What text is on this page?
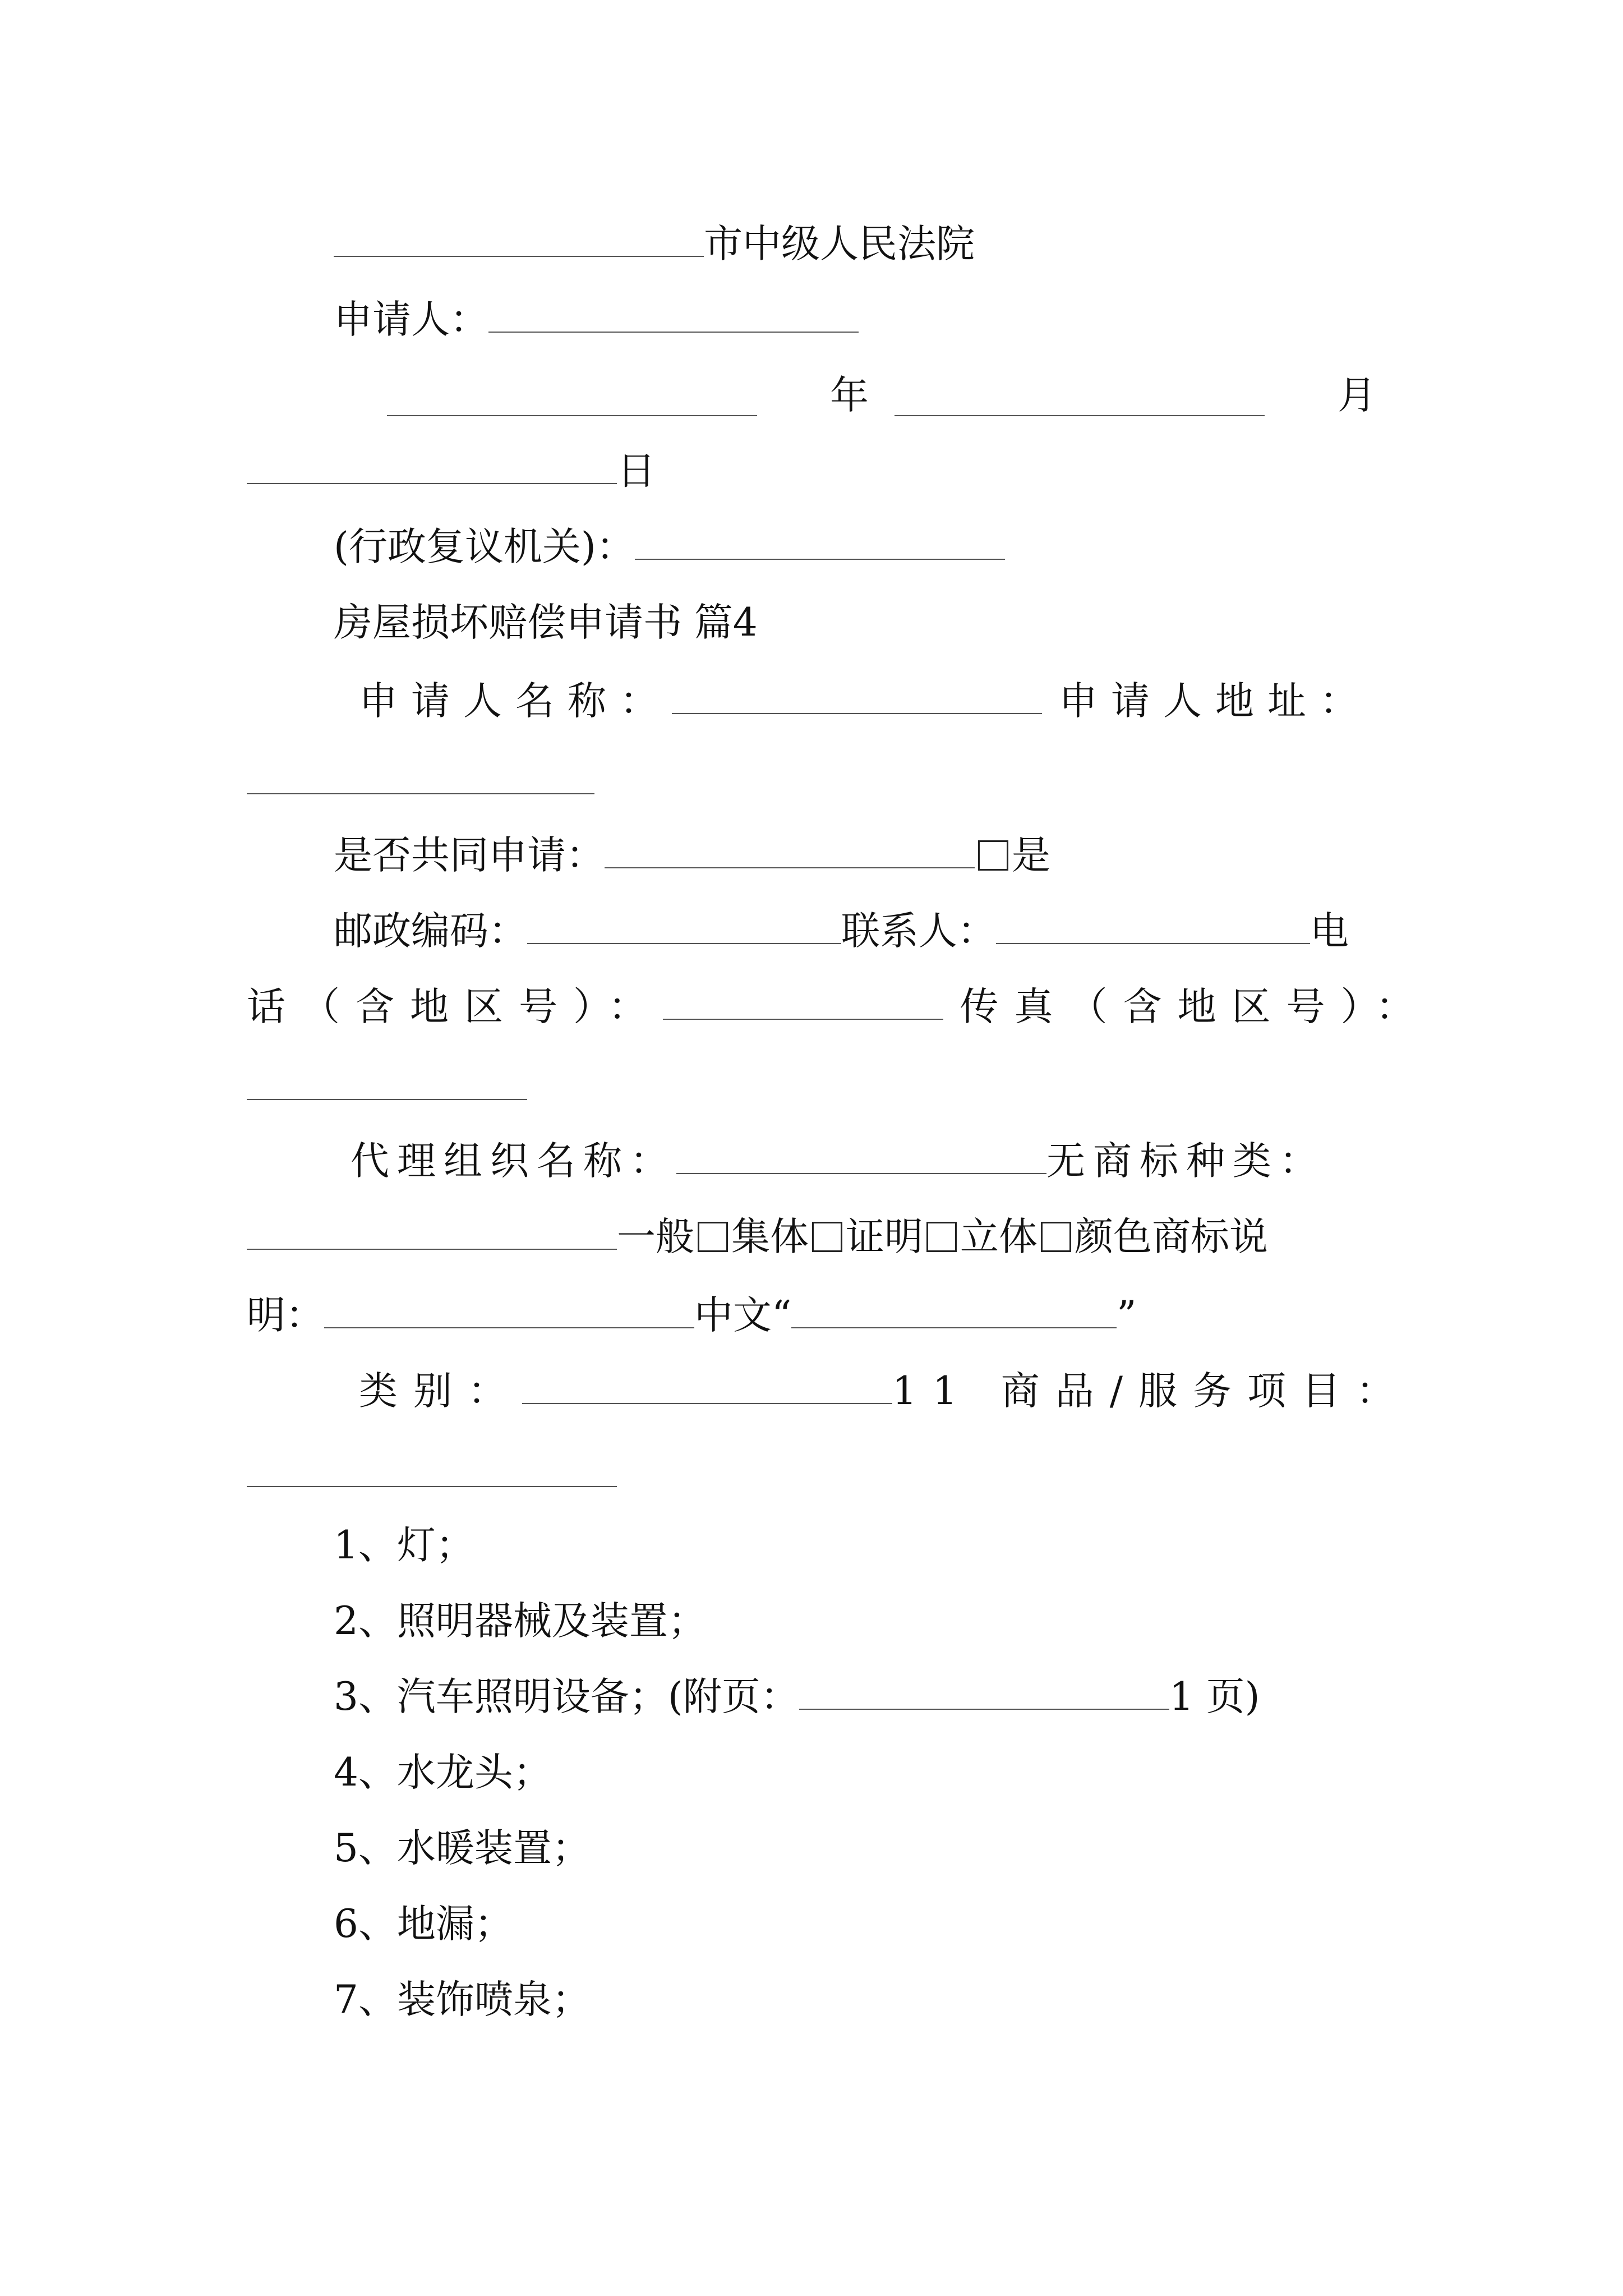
市中级人民法院
申请人：
年	月
日
(行政复议机关)：
房屋损坏赔偿申请书 篇4
申请人名称：	申请人地址：
是否共同申请：	是
邮政编码：	联系人：	电
话（含地区号）：	传真（含地区号）：
代理组织名称：	无商标种类：
一般 集体 证明 立体 颜色商标说
明：	中文“	”
类别：	11 商品/服务项目：
1、灯；
2、照明器械及装置；
3、汽车照明设备；(附页：	1 页)
4、水龙头；
5、水暖装置；
6、地漏；
7、装饰喷泉；
